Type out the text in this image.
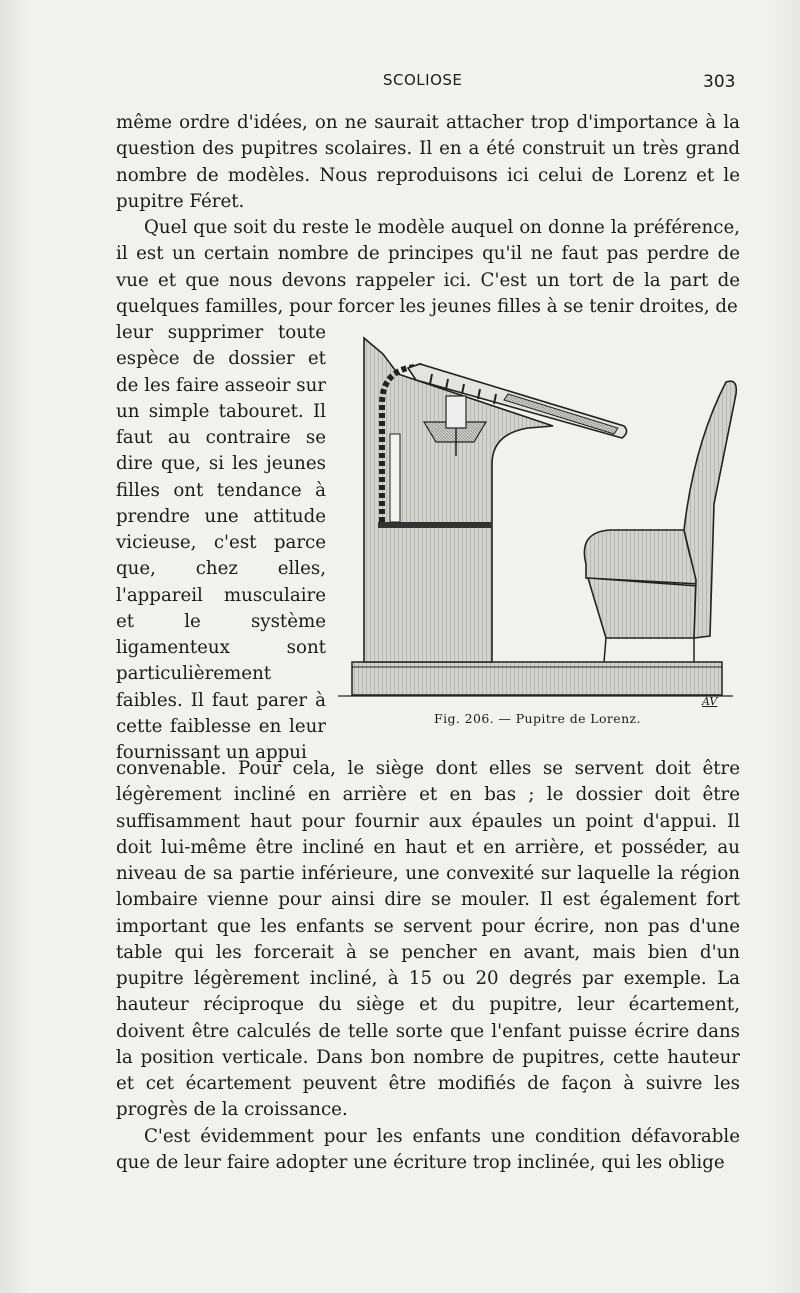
SCOLIOSE	303

même ordre d'idées, on ne saurait attacher trop d'importance à la question des pupitres scolaires. Il en a été construit un très grand nombre de modèles. Nous reproduisons ici celui de Lorenz et le pupitre Féret.

Quel que soit du reste le modèle auquel on donne la préférence, il est un certain nombre de principes qu'il ne faut pas perdre de vue et que nous devons rappeler ici. C'est un tort de la part de quelques familles, pour forcer les jeunes filles à se tenir droites, de

leur supprimer toute espèce de dossier et de les faire asseoir sur un simple tabouret. Il faut au contraire se dire que, si les jeunes filles ont tendance à prendre une attitude vicieuse, c'est parce que, chez elles, l'appareil musculaire et le système ligamenteux sont particulièrement faibles. Il faut parer à cette faiblesse en leur fournissant un appui

AV
Fig. 206. — Pupitre de Lorenz.

convenable. Pour cela, le siège dont elles se servent doit être légèrement incliné en arrière et en bas ; le dossier doit être suffisamment haut pour fournir aux épaules un point d'appui. Il doit lui-même être incliné en haut et en arrière, et posséder, au niveau de sa partie inférieure, une convexité sur laquelle la région lombaire vienne pour ainsi dire se mouler. Il est également fort important que les enfants se servent pour écrire, non pas d'une table qui les forcerait à se pencher en avant, mais bien d'un pupitre légèrement incliné, à 15 ou 20 degrés par exemple. La hauteur réciproque du siège et du pupitre, leur écartement, doivent être calculés de telle sorte que l'enfant puisse écrire dans la position verticale. Dans bon nombre de pupitres, cette hauteur et cet écartement peuvent être modifiés de façon à suivre les progrès de la croissance.

C'est évidemment pour les enfants une condition défavorable que de leur faire adopter une écriture trop inclinée, qui les oblige
